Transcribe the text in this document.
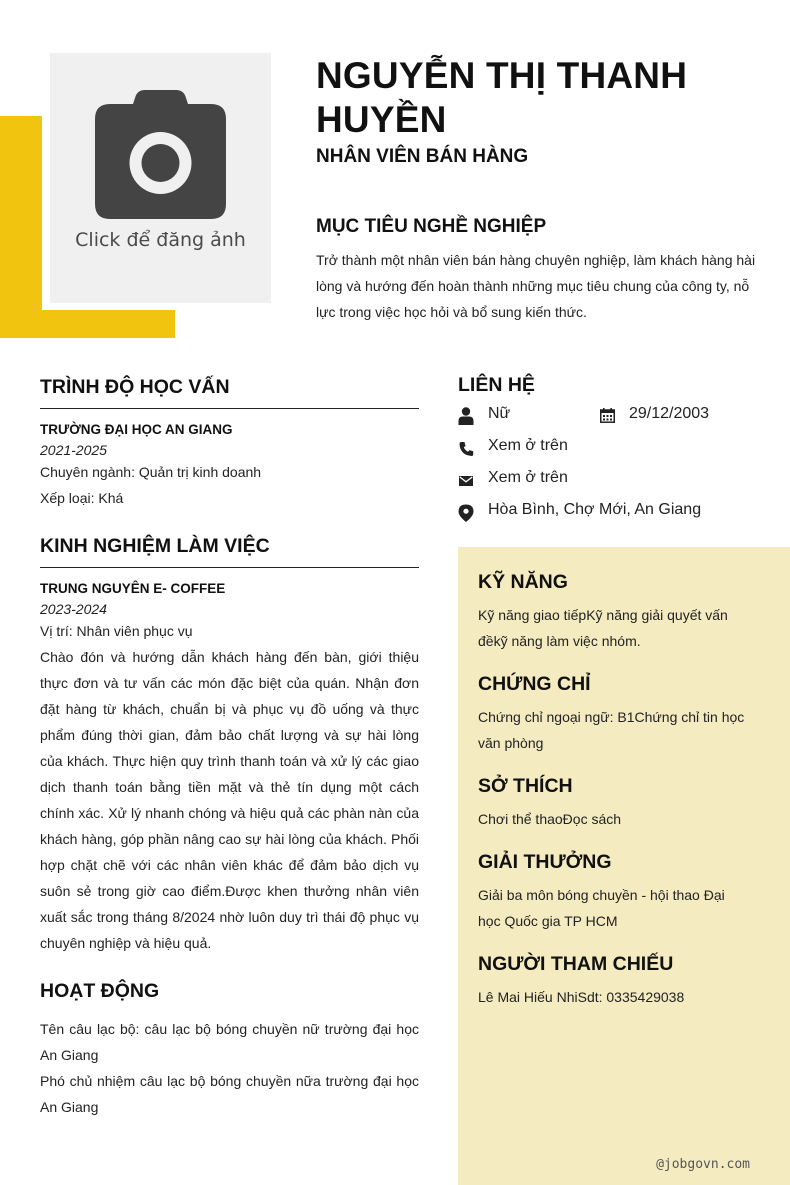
Click để đăng ảnh
NGUYỄN THỊ THANH HUYỀN
NHÂN VIÊN BÁN HÀNG
MỤC TIÊU NGHỀ NGHIỆP

Trở thành một nhân viên bán hàng chuyên nghiệp, làm khách hàng hài lòng và hướng đến hoàn thành những mục tiêu chung của công ty, nỗ lực trong việc học hỏi và bổ sung kiến thức.

TRÌNH ĐỘ HỌC VẤN

TRƯỜNG ĐẠI HỌC AN GIANG

2021-2025

Chuyên ngành: Quản trị kinh doanh

Xếp loại: Khá

KINH NGHIỆM LÀM VIỆC

TRUNG NGUYÊN E- COFFEE

2023-2024

Vị trí: Nhân viên phục vụ

Chào đón và hướng dẫn khách hàng đến bàn, giới thiệu thực đơn và tư vấn các món đặc biệt của quán. Nhận đơn đặt hàng từ khách, chuẩn bị và phục vụ đồ uống và thực phẩm đúng thời gian, đảm bảo chất lượng và sự hài lòng của khách. Thực hiện quy trình thanh toán và xử lý các giao dịch thanh toán bằng tiền mặt và thẻ tín dụng một cách chính xác. Xử lý nhanh chóng và hiệu quả các phàn nàn của khách hàng, góp phần nâng cao sự hài lòng của khách. Phối hợp chặt chẽ với các nhân viên khác để đảm bảo dịch vụ suôn sẻ trong giờ cao điểm.Được khen thưởng nhân viên xuất sắc trong tháng 8/2024 nhờ luôn duy trì thái độ phục vụ chuyên nghiệp và hiệu quả.

HOẠT ĐỘNG

Tên câu lạc bộ: câu lạc bộ bóng chuyền nữ trường đại học An Giang

Phó chủ nhiệm câu lạc bộ bóng chuyền nữa trường đại học An Giang

LIÊN HỆ
Nữ	29/12/2003
Xem ở trên
Xem ở trên
Hòa Bình, Chợ Mới, An Giang
KỸ NĂNG

Kỹ năng giao tiếpKỹ năng giải quyết vấn đềkỹ năng làm việc nhóm.

CHỨNG CHỈ

Chứng chỉ ngoại ngữ: B1Chứng chỉ tin học văn phòng

SỞ THÍCH

Chơi thể thaoĐọc sách

GIẢI THƯỞNG

Giải ba môn bóng chuyền - hội thao Đại  học Quốc gia TP HCM

NGƯỜI THAM CHIẾU

Lê Mai Hiếu NhiSdt: 0335429038

@jobgovn.com
